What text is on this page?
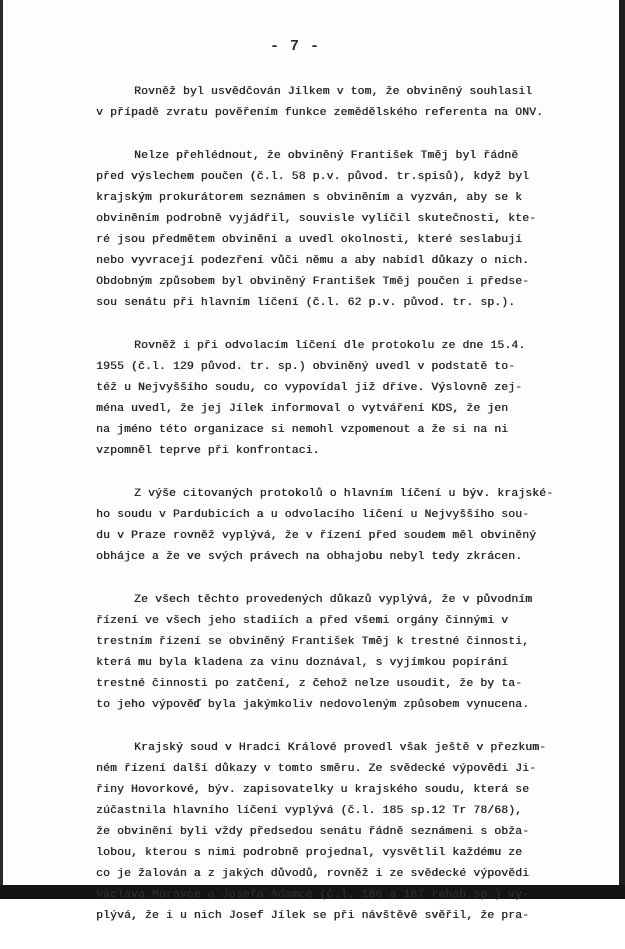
- 7 -
Rovněž byl usvědčován Jílkem v tom, že obviněný souhlasil
v případě zvratu pověřením funkce zemědělského referenta na ONV.
Nelze přehlédnout, že obviněný František Tměj byl řádně
před výslechem poučen (č.l. 58 p.v. původ. tr.spisů), když byl
krajským prokurátorem seznámen s obviněním a vyzván, aby se k
obviněním podrobně vyjádřil, souvisle vylíčil skutečnosti, kte-
ré jsou předmětem obvinění a uvedl okolnosti, které seslabují
nebo vyvracejí podezření vůči němu a aby nabídl důkazy o nich.
Obdobným způsobem byl obviněný František Tměj poučen i předse-
sou senátu při hlavním líčení (č.l. 62 p.v. původ. tr. sp.).
Rovněž i při odvolacím líčení dle protokolu ze dne 15.4.
1955 (č.l. 129 původ. tr. sp.) obviněný uvedl v podstatě to-
též u Nejvyššího soudu, co vypovídal již dříve. Výslovně zej-
ména uvedl, že jej Jílek informoval o vytváření KDS, že jen
na jméno této organizace si nemohl vzpomenout a že si na ni
vzpomněl teprve při konfrontaci.
Z výše citovaných protokolů o hlavním líčení u býv. krajské-
ho soudu v Pardubicích a u odvolacího líčení u Nejvyššího sou-
du v Praze rovněž vyplývá, že v řízení před soudem měl obviněný
obhájce a že ve svých právech na obhajobu nebyl tedy zkrácen.
Ze všech těchto provedených důkazů vyplývá, že v původním
řízení ve všech jeho stadiích a před všemi orgány činnými v
trestním řízení se obviněný František Tměj k trestné činnosti,
která mu byla kladena za vinu doznával, s vyjímkou popírání
trestné činnosti po zatčení, z čehož nelze usoudit, že by ta-
to jeho výpověď byla jakýmkoliv nedovoleným způsobem vynucena.
Krajský soud v Hradci Králové provedl však ještě v přezkum-
ném řízení další důkazy v tomto směru. Ze svědecké výpovědi Ji-
řiny Hovorkové, býv. zapisovatelky u krajského soudu, která se
zúčastnila hlavního líčení vyplývá (č.l. 185 sp.12 Tr 78/68),
že obvinění byli vždy předsedou senátu řádně seznámeni s obža-
lobou, kterou s nimi podrobně projednal, vysvětlil každému ze
co je žalován a z jakých důvodů, rovněž i ze svědecké výpovědi
Václava Moravce a Josefa Adamce (č.l. 186 a 187 rehab.sp.) vy-
plývá, že i u nich Josef Jílek se při návštěvě svěřil, že pra-
